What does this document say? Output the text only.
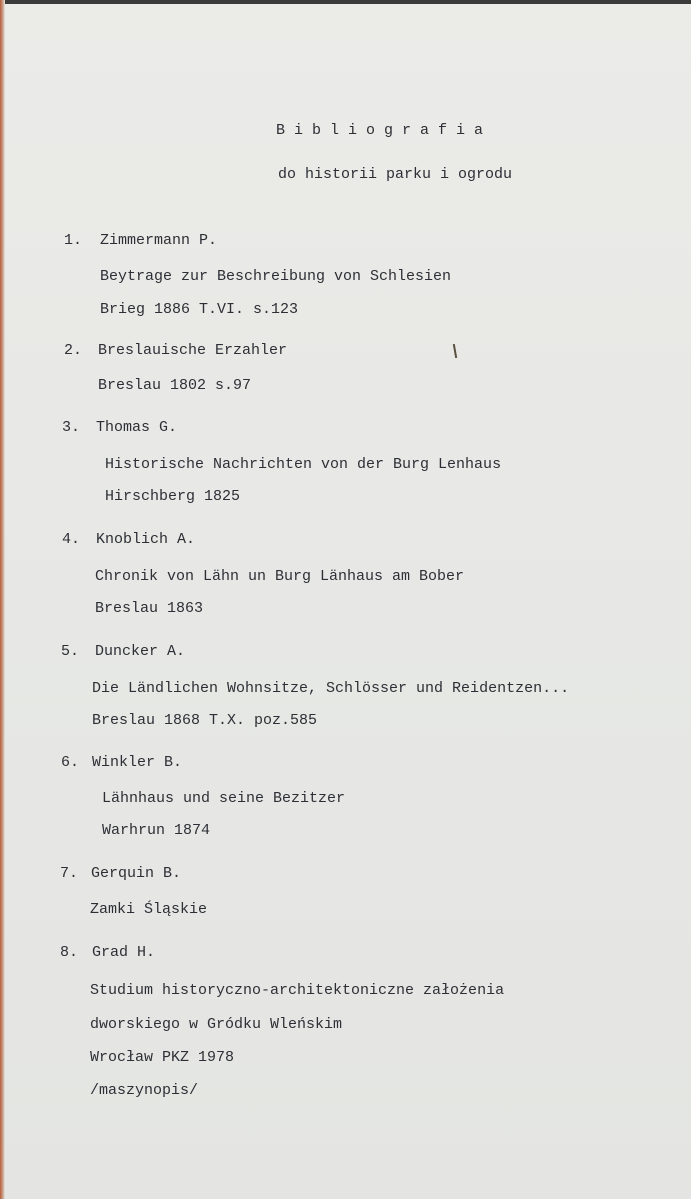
B i b l i o g r a f i a
do historii parku i ogrodu
1. Zimmermann P.
Beytrage zur Beschreibung von Schlesien
Brieg 1886 T.VI. s.123
2. Breslauische Erzahler
Breslau 1802 s.97
3. Thomas G.
Historische Nachrichten von der Burg Lenhaus
Hirschberg 1825
4. Knoblich A.
Chronik von Lähn un Burg Länhaus am Bober
Breslau 1863
5. Duncker A.
Die Ländlichen Wohnsitze, Schlösser und Reidentzen...
Breslau 1868 T.X. poz.585
6. Winkler B.
Lähnhaus und seine Bezitzer
Warhrun 1874
7. Gerquin B.
Zamki Śląskie
8. Grad H.
Studium historyczno-architektoniczne założenia
dworskiego w Gródku Wleńskim
Wrocław PKZ 1978
/maszynopis/
